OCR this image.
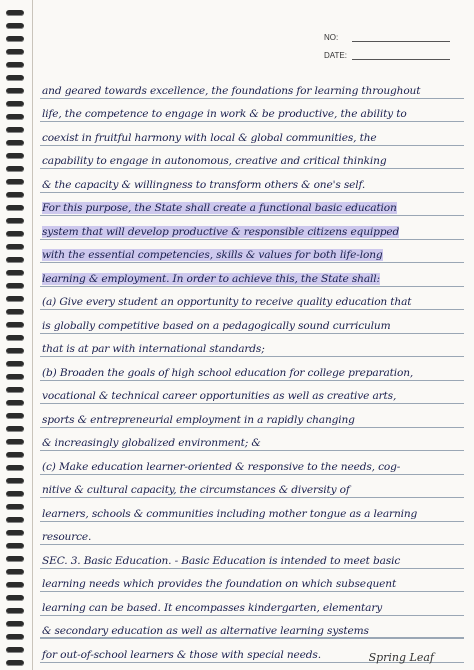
NO:
DATE:
and geared towards excellence, the foundations for learning throughout
life, the competence to engage in work & be productive, the ability to
coexist in fruitful harmony with local & global communities, the
capability to engage in autonomous, creative and critical thinking
& the capacity & willingness to transform others & one's self.
For this purpose, the State shall create a functional basic education
system that will develop productive & responsible citizens equipped
with the essential competencies, skills & values for both life-long
learning & employment. In order to achieve this, the State shall:
(a) Give every student an opportunity to receive quality education that
is globally competitive based on a pedagogically sound curriculum
that is at par with international standards;
(b) Broaden the goals of high school education for college preparation,
vocational & technical career opportunities as well as creative arts,
sports & entrepreneurial employment in a rapidly changing
& increasingly globalized environment; &
(c) Make education learner-oriented & responsive to the needs, cog-
nitive & cultural capacity, the circumstances & diversity of
learners, schools & communities including mother tongue as a learning
resource.
SEC. 3. Basic Education. - Basic Education is intended to meet basic
learning needs which provides the foundation on which subsequent
learning can be based. It encompasses kindergarten, elementary
& secondary education as well as alternative learning systems
for out-of-school learners & those with special needs.	Spring Leaf
